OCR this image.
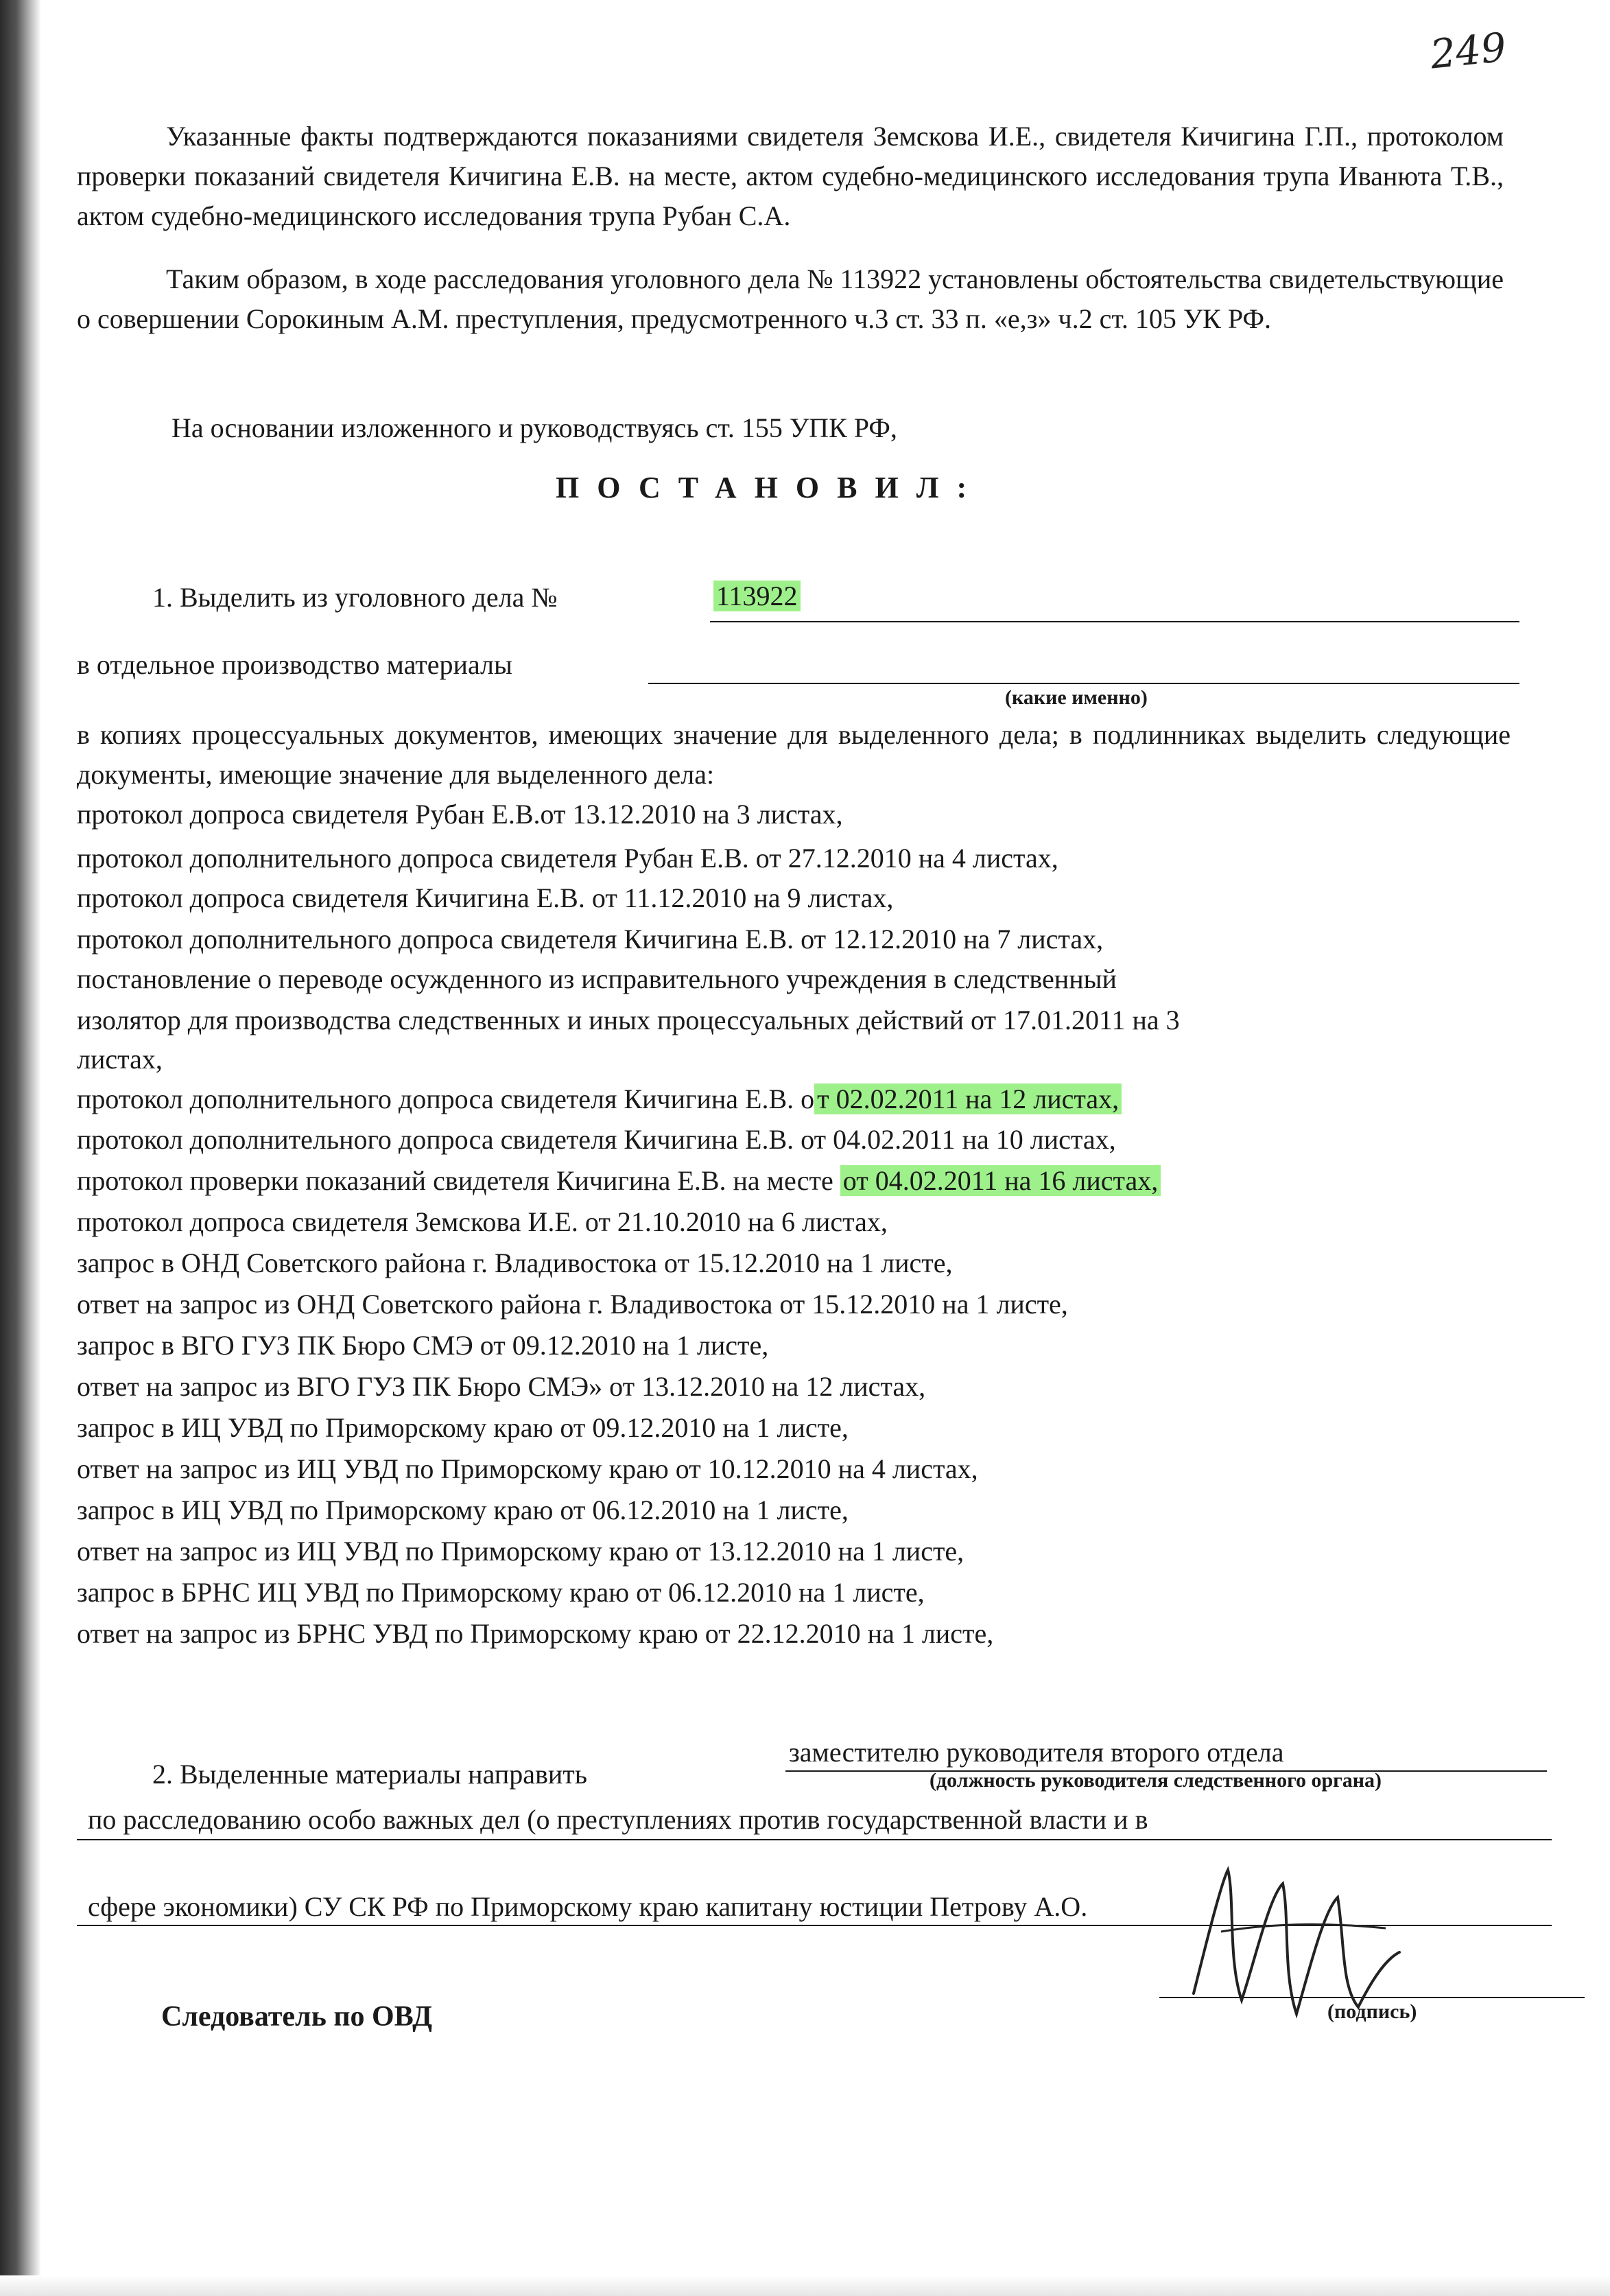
249
Указанные факты подтверждаются показаниями свидетеля Земскова И.Е., свидетеля Кичигина Г.П., протоколом проверки показаний свидетеля Кичигина Е.В. на месте, актом судебно-медицинского исследования трупа Иванюта Т.В., актом судебно-медицинского исследования трупа Рубан С.А.
Таким образом, в ходе расследования уголовного дела № 113922 установлены обстоятельства свидетельствующие о совершении Сорокиным А.М. преступления, предусмотренного ч.3 ст. 33 п. «е,з» ч.2 ст. 105 УК РФ.
На основании изложенного и руководствуясь ст. 155 УПК РФ,
ПОСТАНОВИЛ:
1. Выделить из уголовного дела №	113922
в отдельное производство материалы
(какие именно)
в копиях процессуальных документов, имеющих значение для выделенного дела; в подлинниках выделить следующие документы, имеющие значение для выделенного дела:
протокол допроса свидетеля Рубан Е.В.от 13.12.2010 на 3 листах,
протокол дополнительного допроса свидетеля Рубан Е.В. от 27.12.2010 на 4 листах,
протокол допроса свидетеля Кичигина Е.В. от 11.12.2010 на 9 листах,
протокол дополнительного допроса свидетеля Кичигина Е.В. от 12.12.2010 на 7 листах,
постановление о переводе осужденного из исправительного учреждения в следственный
изолятор для производства следственных и иных процессуальных действий от 17.01.2011 на 3
листах,
протокол дополнительного допроса свидетеля Кичигина Е.В. о т 02.02.2011 на 12 листах,
протокол дополнительного допроса свидетеля Кичигина Е.В. от 04.02.2011 на 10 листах,
протокол проверки показаний свидетеля Кичигина Е.В. на месте от 04.02.2011 на 16 листах,
протокол допроса свидетеля Земскова И.Е. от 21.10.2010 на 6 листах,
запрос в ОНД Советского района г. Владивостока от 15.12.2010 на 1 листе,
ответ на запрос из ОНД Советского района г. Владивостока от 15.12.2010 на 1 листе,
запрос в ВГО ГУЗ ПК Бюро СМЭ от 09.12.2010 на 1 листе,
ответ на запрос из ВГО ГУЗ ПК Бюро СМЭ» от 13.12.2010 на 12 листах,
запрос в ИЦ УВД по Приморскому краю от 09.12.2010 на 1 листе,
ответ на запрос из ИЦ УВД по Приморскому краю от 10.12.2010 на 4 листах,
запрос в ИЦ УВД по Приморскому краю от 06.12.2010 на 1 листе,
ответ на запрос из ИЦ УВД по Приморскому краю от 13.12.2010 на 1 листе,
запрос в БРНС ИЦ УВД по Приморскому краю от 06.12.2010 на 1 листе,
ответ на запрос из БРНС УВД по Приморскому краю от 22.12.2010 на 1 листе,
2. Выделенные материалы направить
заместителю руководителя второго отдела
(должность руководителя следственного органа)
по расследованию особо важных дел (о преступлениях против государственной власти и в
сфере экономики) СУ СК РФ по Приморскому краю капитану юстиции Петрову А.О.
Следователь по ОВД	(подпись)
